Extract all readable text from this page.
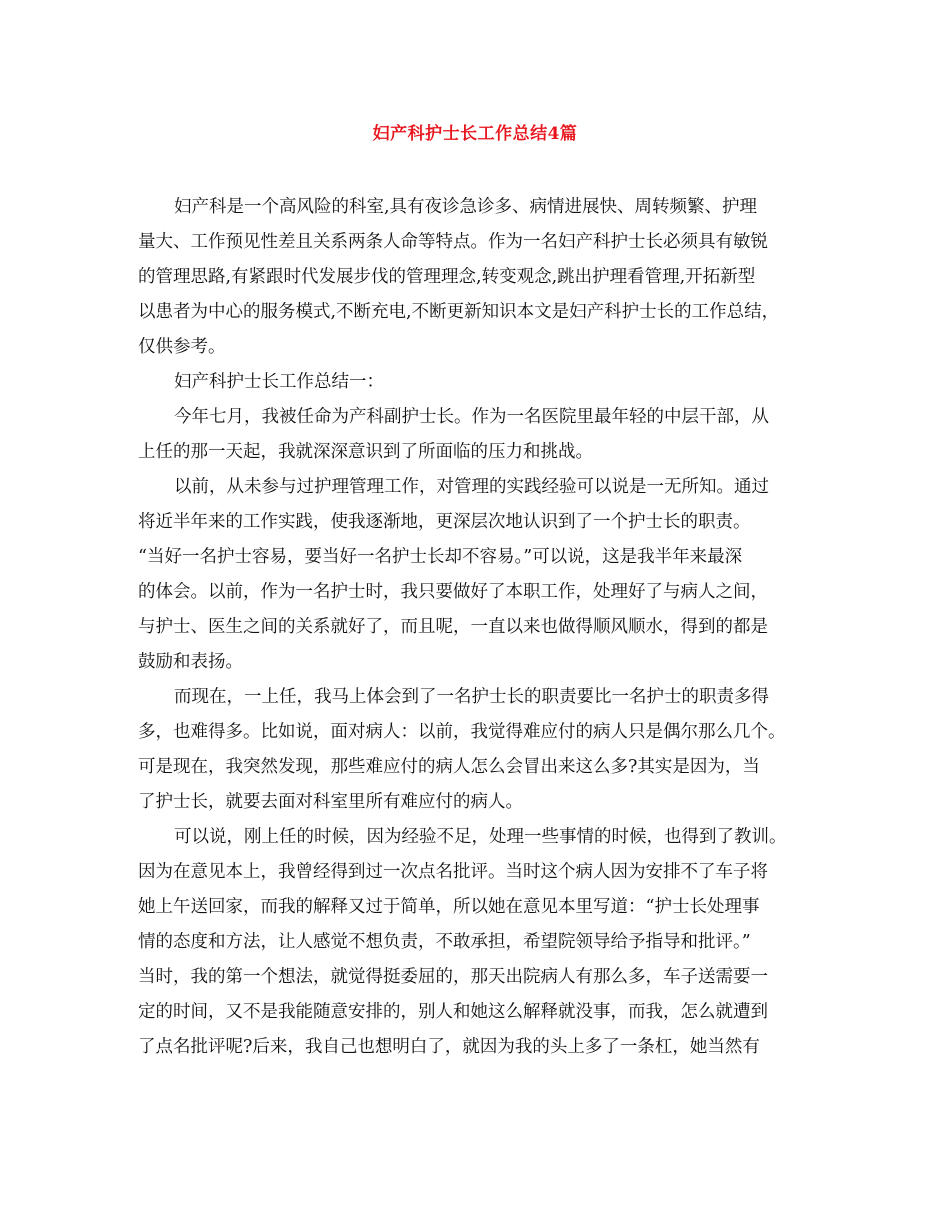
妇产科护士长工作总结4篇

妇产科是一个高风险的科室,具有夜诊急诊多、病情进展快、周转频繁、护理
量大、工作预见性差且关系两条人命等特点。作为一名妇产科护士长必须具有敏锐
的管理思路,有紧跟时代发展步伐的管理理念,转变观念,跳出护理看管理,开拓新型
以患者为中心的服务模式,不断充电,不断更新知识本文是妇产科护士长的工作总结，
仅供参考。

妇产科护士长工作总结一：

今年七月，我被任命为产科副护士长。作为一名医院里最年轻的中层干部，从
上任的那一天起，我就深深意识到了所面临的压力和挑战。

以前，从未参与过护理管理工作，对管理的实践经验可以说是一无所知。通过
将近半年来的工作实践，使我逐渐地，更深层次地认识到了一个护士长的职责。
“当好一名护士容易，要当好一名护士长却不容易。”可以说，这是我半年来最深
的体会。以前，作为一名护士时，我只要做好了本职工作，处理好了与病人之间，
与护士、医生之间的关系就好了，而且呢，一直以来也做得顺风顺水，得到的都是
鼓励和表扬。

而现在，一上任，我马上体会到了一名护士长的职责要比一名护士的职责多得
多，也难得多。比如说，面对病人：以前，我觉得难应付的病人只是偶尔那么几个。
可是现在，我突然发现，那些难应付的病人怎么会冒出来这么多?其实是因为，当
了护士长，就要去面对科室里所有难应付的病人。

可以说，刚上任的时候，因为经验不足，处理一些事情的时候，也得到了教训。
因为在意见本上，我曾经得到过一次点名批评。当时这个病人因为安排不了车子将
她上午送回家，而我的解释又过于简单，所以她在意见本里写道：“护士长处理事
情的态度和方法，让人感觉不想负责，不敢承担，希望院领导给予指导和批评。”
当时，我的第一个想法，就觉得挺委屈的，那天出院病人有那么多，车子送需要一
定的时间，又不是我能随意安排的，别人和她这么解释就没事，而我，怎么就遭到
了点名批评呢?后来，我自己也想明白了，就因为我的头上多了一条杠，她当然有
